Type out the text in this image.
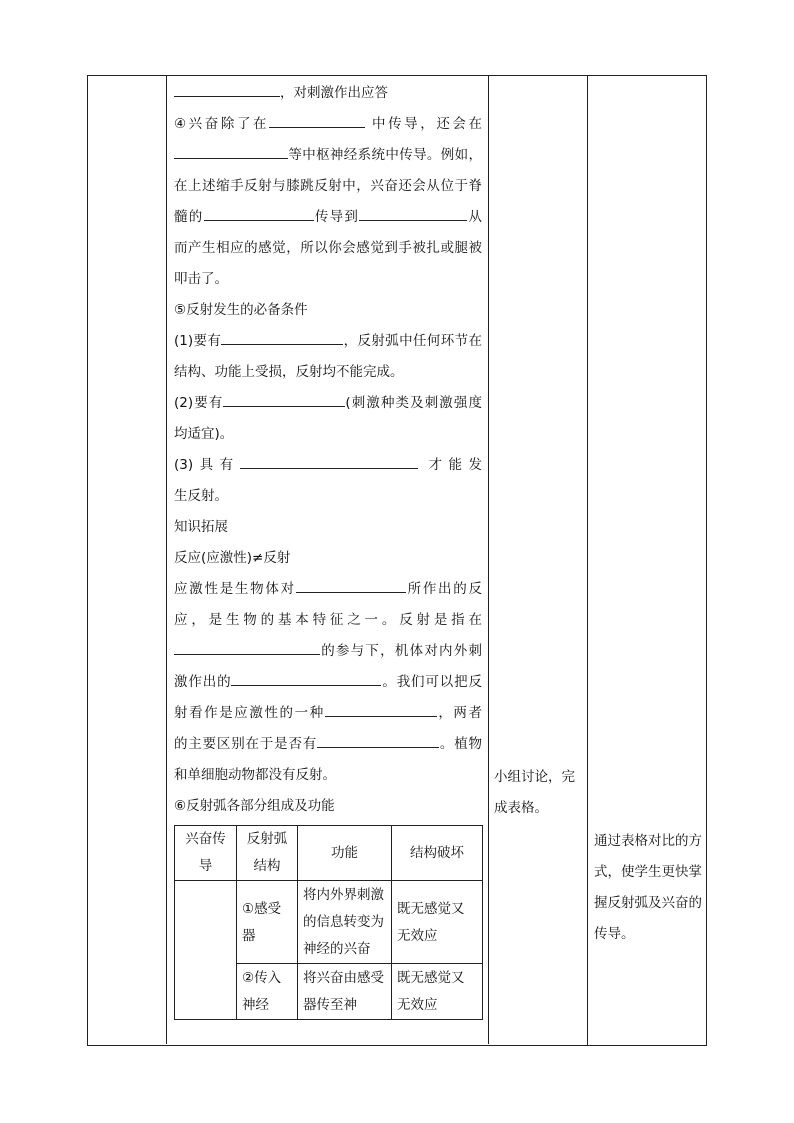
，对刺激作出应答

④兴奋除了在	中传导，还会在

等中枢神经系统中传导。例如，

在上述缩手反射与膝跳反射中，兴奋还会从位于脊

髓的	传导到	从

而产生相应的感觉，所以你会感觉到手被扎或腿被

叩击了。

⑤反射发生的必备条件

(1)要有	，反射弧中任何环节在

结构、功能上受损，反射均不能完成。

(2)要有	(刺激种类及刺激强度

均适宜)。

(3)具有	才能发

生反射。

知识拓展

反应(应激性)≠反射

应激性是生物体对	所作出的反

应，是生物的基本特征之一。反射是指在

的参与下，机体对内外刺

激作出的	。我们可以把反

射看作是应激性的一种	，两者

的主要区别在于是否有	。植物

和单细胞动物都没有反射。

⑥反射弧各部分组成及功能

兴奋传导	反射弧结构	功能	结构破坏
	①感受器	将内外界刺激的信息转变为神经的兴奋	既无感觉又无效应
	②传入神经	将兴奋由感受器传至神	既无感觉又无效应
小组讨论，完成表格。
通过表格对比的方式，使学生更快掌握反射弧及兴奋的传导。
